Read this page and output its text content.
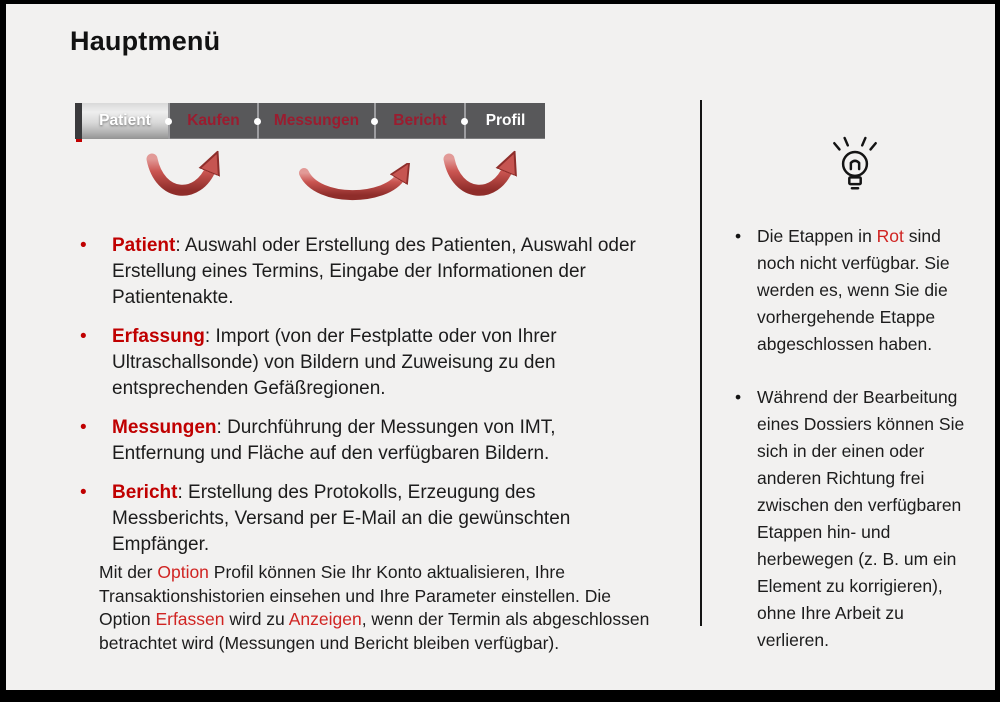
Hauptmenü
Patient Kaufen Messungen Bericht	Profil
• Patient: Auswahl oder Erstellung des Patienten, Auswahl oder Erstellung eines Termins, Eingabe der Informationen der Patientenakte.
• Erfassung: Import (von der Festplatte oder von Ihrer Ultraschallsonde) von Bildern und Zuweisung zu den entsprechenden Gefäßregionen.
• Messungen: Durchführung der Messungen von IMT, Entfernung und Fläche auf den verfügbaren Bildern.
• Bericht: Erstellung des Protokolls, Erzeugung des Messberichts, Versand per E-Mail an die gewünschten Empfänger.

Mit der Option Profil können Sie Ihr Konto aktualisieren, Ihre Transaktionshistorien einsehen und Ihre Parameter einstellen. Die Option Erfassen wird zu Anzeigen, wenn der Termin als abgeschlossen betrachtet wird (Messungen und Bericht bleiben verfügbar).

• Die Etappen in Rot sind noch nicht verfügbar. Sie werden es, wenn Sie die vorhergehende Etappe abgeschlossen haben.
• Während der Bearbeitung eines Dossiers können Sie sich in der einen oder anderen Richtung frei zwischen den verfügbaren Etappen hin- und herbewegen (z. B. um ein Element zu korrigieren), ohne Ihre Arbeit zu verlieren.
